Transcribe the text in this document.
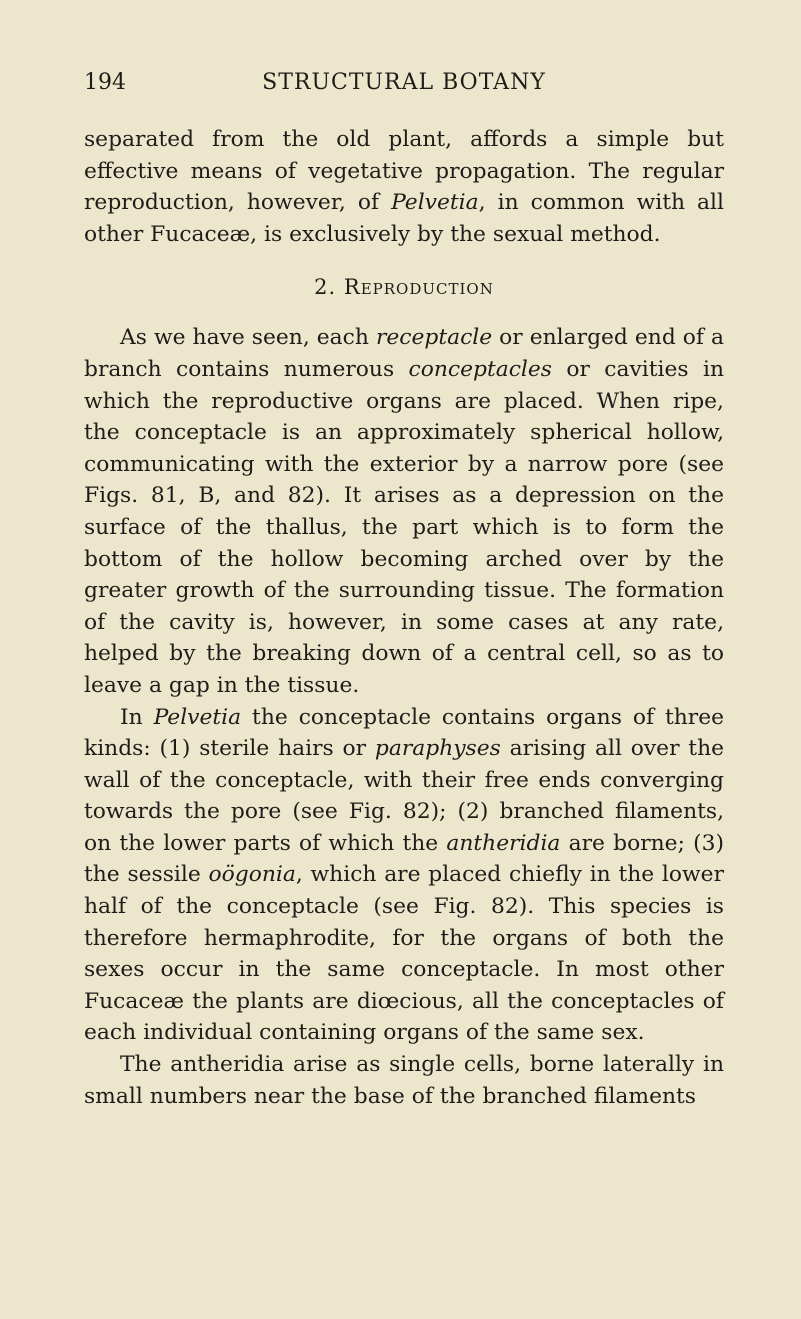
194	STRUCTURAL BOTANY

separated from the old plant, affords a simple but effective means of vegetative propagation. The regular reproduction, however, of Pelvetia, in common with all other Fucaceæ, is exclusively by the sexual method.

2. Reproduction

As we have seen, each receptacle or enlarged end of a branch contains numerous conceptacles or cavities in which the reproductive organs are placed. When ripe, the conceptacle is an approximately spherical hollow, communicating with the exterior by a narrow pore (see Figs. 81, B, and 82). It arises as a depression on the surface of the thallus, the part which is to form the bottom of the hollow becoming arched over by the greater growth of the surrounding tissue. The formation of the cavity is, however, in some cases at any rate, helped by the breaking down of a central cell, so as to leave a gap in the tissue.

In Pelvetia the conceptacle contains organs of three kinds: (1) sterile hairs or paraphyses arising all over the wall of the conceptacle, with their free ends converging towards the pore (see Fig. 82); (2) branched filaments, on the lower parts of which the antheridia are borne; (3) the sessile oögonia, which are placed chiefly in the lower half of the conceptacle (see Fig. 82). This species is therefore hermaphrodite, for the organs of both the sexes occur in the same conceptacle. In most other Fucaceæ the plants are diœcious, all the conceptacles of each individual containing organs of the same sex.

The antheridia arise as single cells, borne laterally in small numbers near the base of the branched filaments
